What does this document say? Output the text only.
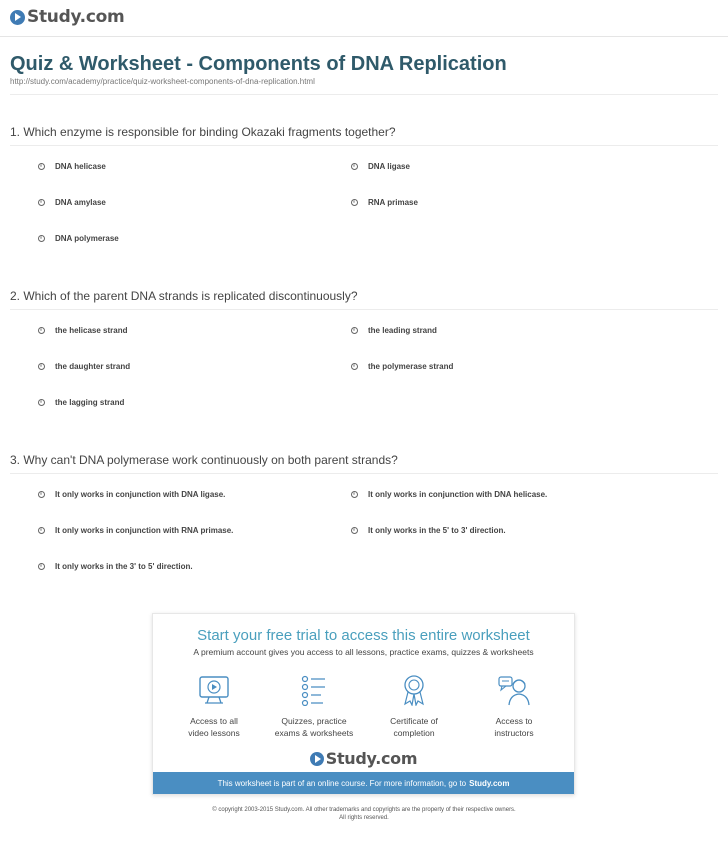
Study.com
Quiz & Worksheet - Components of DNA Replication
http://study.com/academy/practice/quiz-worksheet-components-of-dna-replication.html
1. Which enzyme is responsible for binding Okazaki fragments together?
DNA helicase	DNA ligase
DNA amylase	RNA primase
DNA polymerase
2. Which of the parent DNA strands is replicated discontinuously?
the helicase strand	the leading strand
the daughter strand	the polymerase strand
the lagging strand
3. Why can't DNA polymerase work continuously on both parent strands?
It only works in conjunction with DNA ligase.	It only works in conjunction with DNA helicase.
It only works in conjunction with RNA primase.	It only works in the 5' to 3' direction.
It only works in the 3' to 5' direction.
Start your free trial to access this entire worksheet
A premium account gives you access to all lessons, practice exams, quizzes & worksheets
Access to all
video lessons
Quizzes, practice
exams & worksheets
Certificate of
completion
Access to
instructors
Study.com
This worksheet is part of an online course. For more information, go to Study.com
© copyright 2003-2015 Study.com. All other trademarks and copyrights are the property of their respective owners.
All rights reserved.
